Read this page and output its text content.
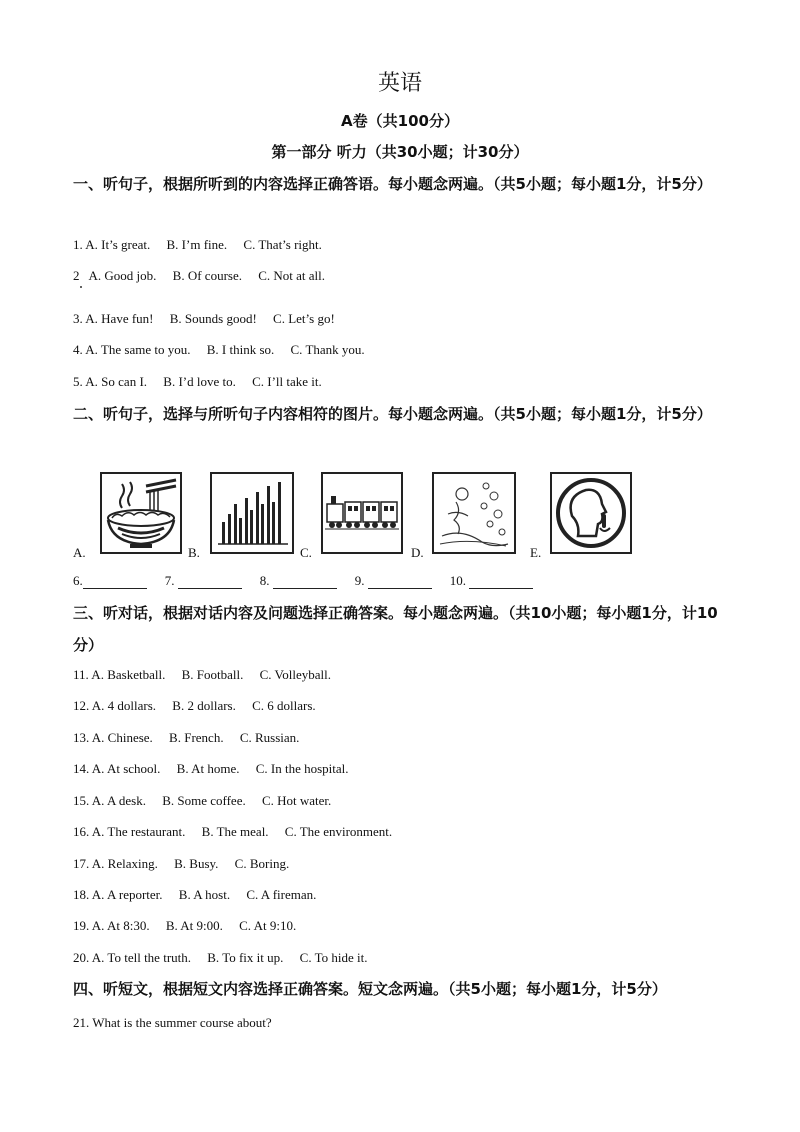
英语
A卷（共100分）
第一部分 听力（共30小题；计30分）
一、听句子，根据所听到的内容选择正确答语。每小题念两遍。（共5小题；每小题1分，计5分）
1. A. It’s great.     B. I’m fine.     C. That’s right.
2   A. Good job.     B. Of course.     C. Not at all.
3. A. Have fun!     B. Sounds good!     C. Let’s go!
4. A. The same to you.     B. I think so.     C. Thank you.
5. A. So can I.     B. I’d love to.     C. I’ll take it.
二、听句子，选择与所听句子内容相符的图片。每小题念两遍。（共5小题；每小题1分，计5分）
A.	B.	C.	D.	E.
6.	7.	8.	9.	10.
三、听对话，根据对话内容及问题选择正确答案。每小题念两遍。（共10小题；每小题1分，计10分）
11. A. Basketball.     B. Football.     C. Volleyball.
12. A. 4 dollars.     B. 2 dollars.     C. 6 dollars.
13. A. Chinese.     B. French.     C. Russian.
14. A. At school.     B. At home.     C. In the hospital.
15. A. A desk.     B. Some coffee.     C. Hot water.
16. A. The restaurant.     B. The meal.     C. The environment.
17. A. Relaxing.     B. Busy.     C. Boring.
18. A. A reporter.     B. A host.     C. A fireman.
19. A. At 8:30.     B. At 9:00.     C. At 9:10.
20. A. To tell the truth.     B. To fix it up.     C. To hide it.
四、听短文，根据短文内容选择正确答案。短文念两遍。（共5小题；每小题1分，计5分）
21. What is the summer course about?
